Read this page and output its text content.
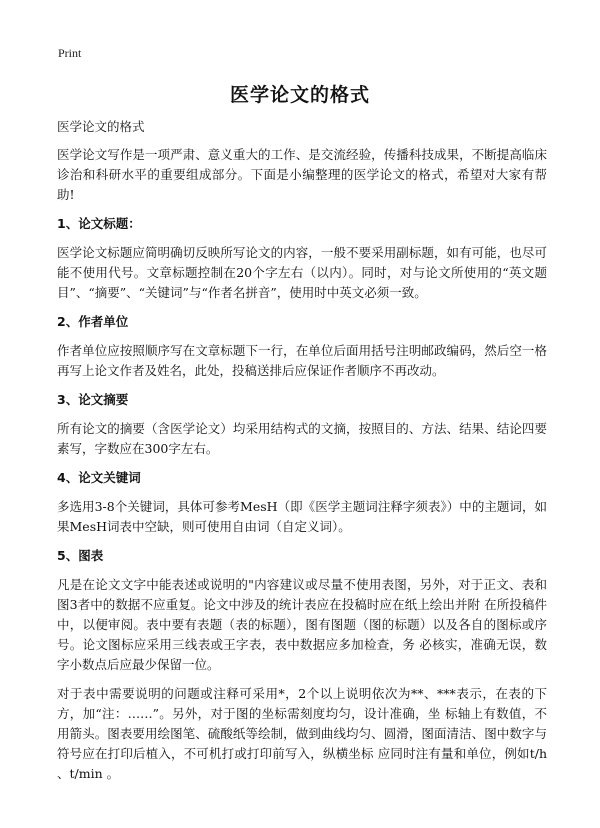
Print
医学论文的格式
医学论文的格式

医学论文写作是一项严肃、意义重大的工作、是交流经验，传播科技成果，不断提高临床诊治和科研水平的重要组成部分。下面是小编整理的医学论文的格式，希望对大家有帮助!

1、论文标题：

医学论文标题应简明确切反映所写论文的内容，一般不要采用副标题，如有可能，也尽可能不使用代号。文章标题控制在20个字左右（以内）。同时，对与论文所使用的“英文题目”、“摘要”、“关键词”与“作者名拼音”，使用时中英文必须一致。

2、作者单位

作者单位应按照顺序写在文章标题下一行，在单位后面用括号注明邮政编码，然后空一格再写上论文作者及姓名，此处，投稿送排后应保证作者顺序不再改动。

3、论文摘要

所有论文的摘要（含医学论文）均采用结构式的文摘，按照目的、方法、结果、结论四要素写，字数应在300字左右。

4、论文关键词

多选用3-8个关键词，具体可参考MesH（即《医学主题词注释字须表》）中的主题词，如果MesH词表中空缺，则可使用自由词（自定义词）。

5、图表

凡是在论文文字中能表述或说明的"内容建议或尽量不使用表图，另外，对于正文、表和图3者中的数据不应重复。论文中涉及的统计表应在投稿时应在纸上绘出并附 在所投稿件中，以便审阅。表中要有表题（表的标题），图有图题（图的标题）以及各自的图标或序号。论文图标应采用三线表或王字表，表中数据应多加检查，务 必核实，准确无误，数字小数点后应最少保留一位。

对于表中需要说明的问题或注释可采用*，2个以上说明依次为**、***表示，在表的下方，加“注：……”。另外，对于图的坐标需刻度均匀，设计准确，坐 标轴上有数值，不用箭头。图表要用绘图笔、硫酸纸等绘制，做到曲线均匀、圆滑，图面清洁、图中数字与符号应在打印后植入，不可机打或打印前写入，纵横坐标 应同时注有量和单位，例如t/h 、t/min 。
